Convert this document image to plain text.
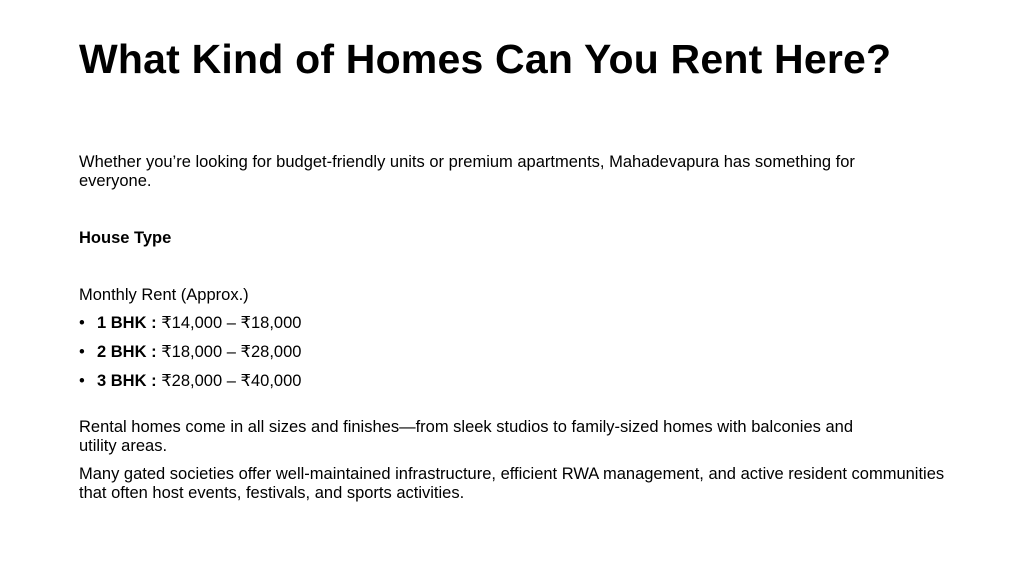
What Kind of Homes Can You Rent Here?

Whether you’re looking for budget-friendly units or premium apartments, Mahadevapura has something for everyone.

House Type

Monthly Rent (Approx.)

• 1 BHK : ₹14,000 – ₹18,000
• 2 BHK : ₹18,000 – ₹28,000
• 3 BHK : ₹28,000 – ₹40,000

Rental homes come in all sizes and finishes—from sleek studios to family-sized homes with balconies and utility areas.

Many gated societies offer well-maintained infrastructure, efficient RWA management, and active resident communities that often host events, festivals, and sports activities.
